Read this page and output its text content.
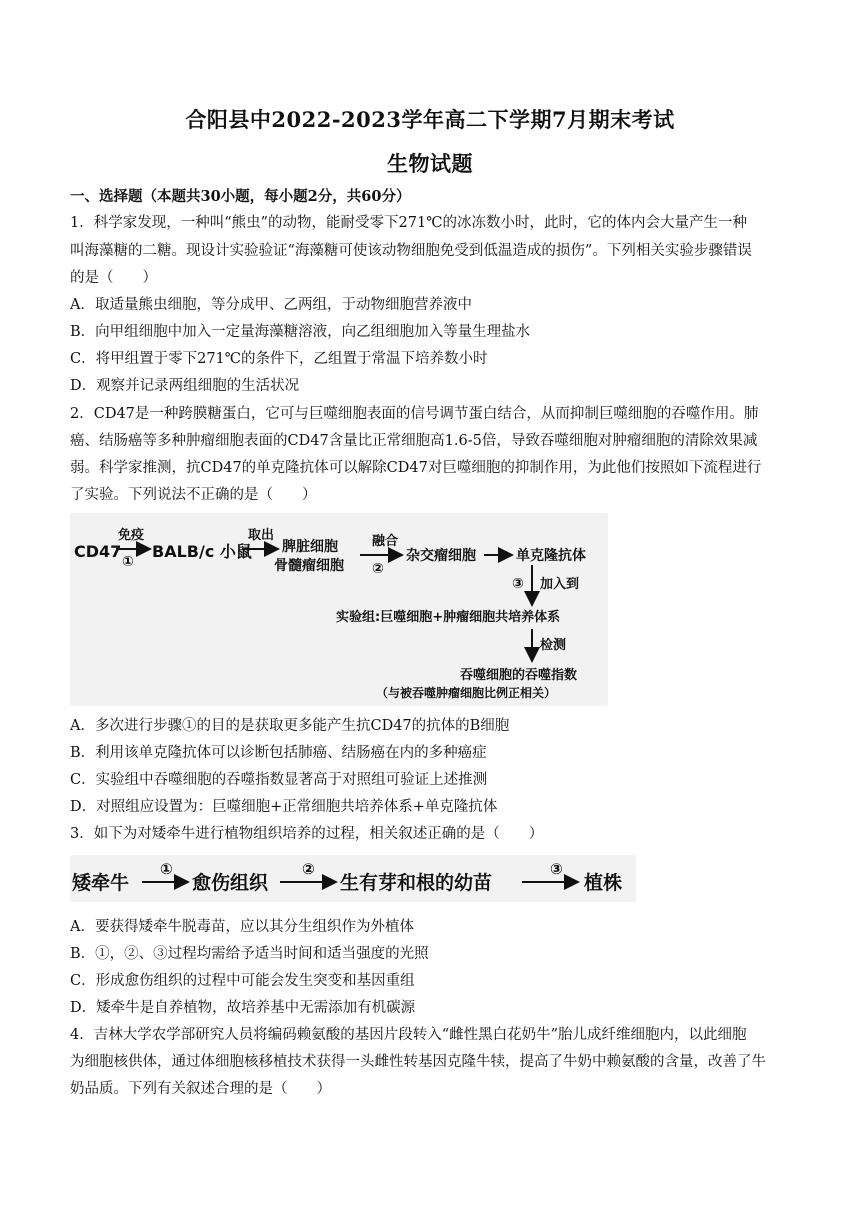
合阳县中2022-2023学年高二下学期7月期末考试
生物试题
一、选择题（本题共30小题，每小题2分，共60分）
1．科学家发现，一种叫“熊虫”的动物，能耐受零下271℃的冰冻数小时，此时，它的体内会大量产生一种
叫海藻糖的二糖。现设计实验验证“海藻糖可使该动物细胞免受到低温造成的损伤”。下列相关实验步骤错误
的是（　　）
A．取适量熊虫细胞，等分成甲、乙两组，于动物细胞营养液中
B．向甲组细胞中加入一定量海藻糖溶液，向乙组细胞加入等量生理盐水
C．将甲组置于零下271℃的条件下，乙组置于常温下培养数小时
D．观察并记录两组细胞的生活状况
2．CD47是一种跨膜糖蛋白，它可与巨噬细胞表面的信号调节蛋白结合，从而抑制巨噬细胞的吞噬作用。肺
癌、结肠癌等多种肿瘤细胞表面的CD47含量比正常细胞高1.6-5倍，导致吞噬细胞对肿瘤细胞的清除效果减
弱。科学家推测，抗CD47的单克隆抗体可以解除CD47对巨噬细胞的抑制作用，为此他们按照如下流程进行
了实验。下列说法不正确的是（　　）
CD47
免疫
①
BALB/c 小鼠
取出
脾脏细胞
骨髓瘤细胞
融合
②
杂交瘤细胞	单克隆抗体
③ 加入到
实验组:巨噬细胞+肿瘤细胞共培养体系
检测
吞噬细胞的吞噬指数
（与被吞噬肿瘤细胞比例正相关）
A．多次进行步骤①的目的是获取更多能产生抗CD47的抗体的B细胞
B．利用该单克隆抗体可以诊断包括肺癌、结肠癌在内的多种癌症
C．实验组中吞噬细胞的吞噬指数显著高于对照组可验证上述推测
D．对照组应设置为：巨噬细胞+正常细胞共培养体系+单克隆抗体
3．如下为对矮牵牛进行植物组织培养的过程，相关叙述正确的是（　　）
矮牵牛
①
愈伤组织
②
生有芽和根的幼苗
③
植株
A．要获得矮牵牛脱毒苗，应以其分生组织作为外植体
B．①，②、③过程均需给予适当时间和适当强度的光照
C．形成愈伤组织的过程中可能会发生突变和基因重组
D．矮牵牛是自养植物，故培养基中无需添加有机碳源
4．吉林大学农学部研究人员将编码赖氨酸的基因片段转入“雌性黑白花奶牛”胎儿成纤维细胞内，以此细胞
为细胞核供体，通过体细胞核移植技术获得一头雌性转基因克隆牛犊，提高了牛奶中赖氨酸的含量，改善了牛
奶品质。下列有关叙述合理的是（　　）
